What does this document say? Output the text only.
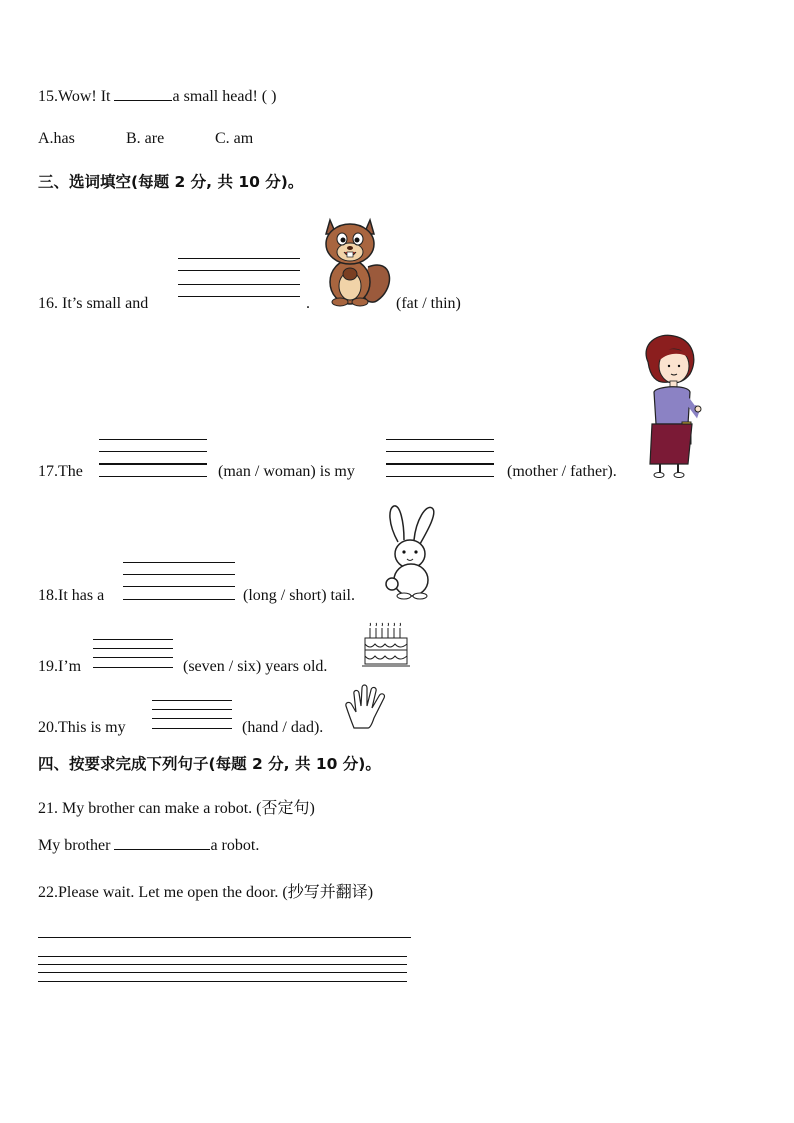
15.Wow! It	a small head! ( )
A.has	B. are	C. am
三、选词填空(每题 2 分, 共 10 分)。
16. It’s small and	.	(fat / thin)
17.The	(man / woman) is my	(mother / father).
18.It has a	(long / short) tail.
19.I’m	(seven / six) years old.
20.This is my	(hand / dad).
四、按要求完成下列句子(每题 2 分, 共 10 分)。
21. My brother can make a robot. (否定句)
My brother	a robot.
22.Please wait. Let me open the door. (抄写并翻译)
